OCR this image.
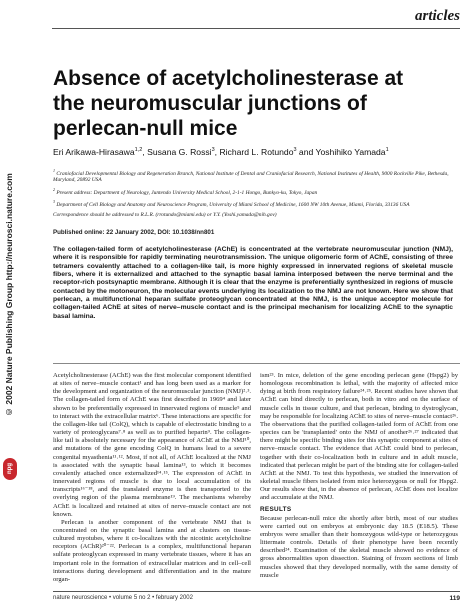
articles
© 2002 Nature Publishing Group http://neurosci.nature.com
npg
Absence of acetylcholinesterase at the neuromuscular junctions of perlecan-null mice
Eri Arikawa-Hirasawa$^{1,2}$, Susana G. Rossi$^3$, Richard L. Rotundo$^3$ and Yoshihiko Yamada$^1$

$^1$ Craniofacial Developmental Biology and Regeneration Branch, National Institute of Dental and Craniofacial Research, National Institutes of Health, 9000 Rockville Pike, Bethesda, Maryland, 20892 USA

$^2$ Present address: Department of Neurology, Juntendo University Medical School, 2-1-1 Hongo, Bunkyo-ku, Tokyo, Japan

$^3$ Department of Cell Biology and Anatomy and Neuroscience Program, University of Miami School of Medicine, 1600 NW 10th Avenue, Miami, Florida, 33136 USA

Correspondence should be addressed to R.L.R. (rrotundo@miami.edu) or Y.Y. (Yoshi.yamada@nih.gov)

Published online: 22 January 2002, DOI: 10.1038/nn801

The collagen-tailed form of acetylcholinesterase (AChE) is concentrated at the vertebrate neuromuscular junction (NMJ), where it is responsible for rapidly terminating neurotransmission. The unique oligomeric form of AChE, consisting of three tetramers covalently attached to a collagen-like tail, is more highly expressed in innervated regions of skeletal muscle fibers, where it is externalized and attached to the synaptic basal lamina interposed between the nerve terminal and the receptor-rich postsynaptic membrane. Although it is clear that the enzyme is preferentially synthesized in regions of muscle contacted by the motoneuron, the molecular events underlying its localization to the NMJ are not known. Here we show that perlecan, a multifunctional heparan sulfate proteoglycan concentrated at the NMJ, is the unique acceptor molecule for collagen-tailed AChE at sites of nerve–muscle contact and is the principal mechanism for localizing AChE to the synaptic basal lamina.

Acetylcholinesterase (AChE) was the first molecular component identified at sites of nerve–muscle contact¹ and has long been used as a marker for the development and organization of the neuromuscular junction (NMJ)²˒³. The collagen-tailed form of AChE was first described in 1969⁴ and later shown to be preferentially expressed in innervated regions of muscle⁵ and to interact with the extracellular matrix⁶. These interactions are specific for the collagen-like tail (ColQ), which is capable of electrostatic binding to a variety of proteoglycans⁷˒⁸ as well as to purified heparin⁹. The collagen-like tail is absolutely necessary for the appearance of AChE at the NMJ¹⁰, and mutations of the gene encoding ColQ in humans lead to a severe congenital myasthenia¹¹˒¹². Most, if not all, of AChE localized at the NMJ is associated with the synaptic basal lamina¹³, to which it becomes covalently attached once externalized¹⁴˒¹⁵. The expression of AChE in innervated regions of muscle is due to local accumulation of its transcripts¹⁶⁻¹⁸, and the translated enzyme is then transported to the overlying region of the plasma membrane¹⁹. The mechanisms whereby AChE is localized and retained at sites of nerve–muscle contact are not known.

Perlecan is another component of the vertebrate NMJ that is concentrated on the synaptic basal lamina and at clusters on tissue-cultured myotubes, where it co-localizes with the nicotinic acetylcholine receptors (AChR)²⁰⁻²². Perlecan is a complex, multifunctional heparan sulfate proteoglycan expressed in many vertebrate tissues, where it has an important role in the formation of extracellular matrices and in cell–cell interactions during development and differentiation and in the mature organ-

ism²³. In mice, deletion of the gene encoding perlecan gene (Hspg2) by homologous recombination is lethal, with the majority of affected mice dying at birth from respiratory failure²⁴˒²⁵. Recent studies have shown that AChE can bind directly to perlecan, both in vitro and on the surface of muscle cells in tissue culture, and that perlecan, binding to dystroglycan, may be responsible for localizing AChE to sites of nerve–muscle contact²⁶. The observations that the purified collagen-tailed form of AChE from one species can be 'transplanted' onto the NMJ of another²⁶˒²⁷ indicated that there might be specific binding sites for this synaptic component at sites of nerve–muscle contact. The evidence that AChE could bind to perlecan, together with their co-localization both in culture and in adult muscle, indicated that perlecan might be part of the binding site for collagen-tailed AChE at the NMJ. To test this hypothesis, we studied the innervation of skeletal muscle fibers isolated from mice heterozygous or null for Hspg2. Our results show that, in the absence of perlecan, AChE does not localize and accumulate at the NMJ.

RESULTS

Because perlecan-null mice die shortly after birth, most of our studies were carried out on embryos at embryonic day 18.5 (E18.5). These embryos were smaller than their homozygous wild-type or heterozygous littermate controls. Details of their phenotype have been recently described²⁴. Examination of the skeletal muscle showed no evidence of gross abnormalities upon dissection. Staining of frozen sections of limb muscles showed that they developed normally, with the same density of muscle

nature neuroscience • volume 5 no 2 • february 2002	119
